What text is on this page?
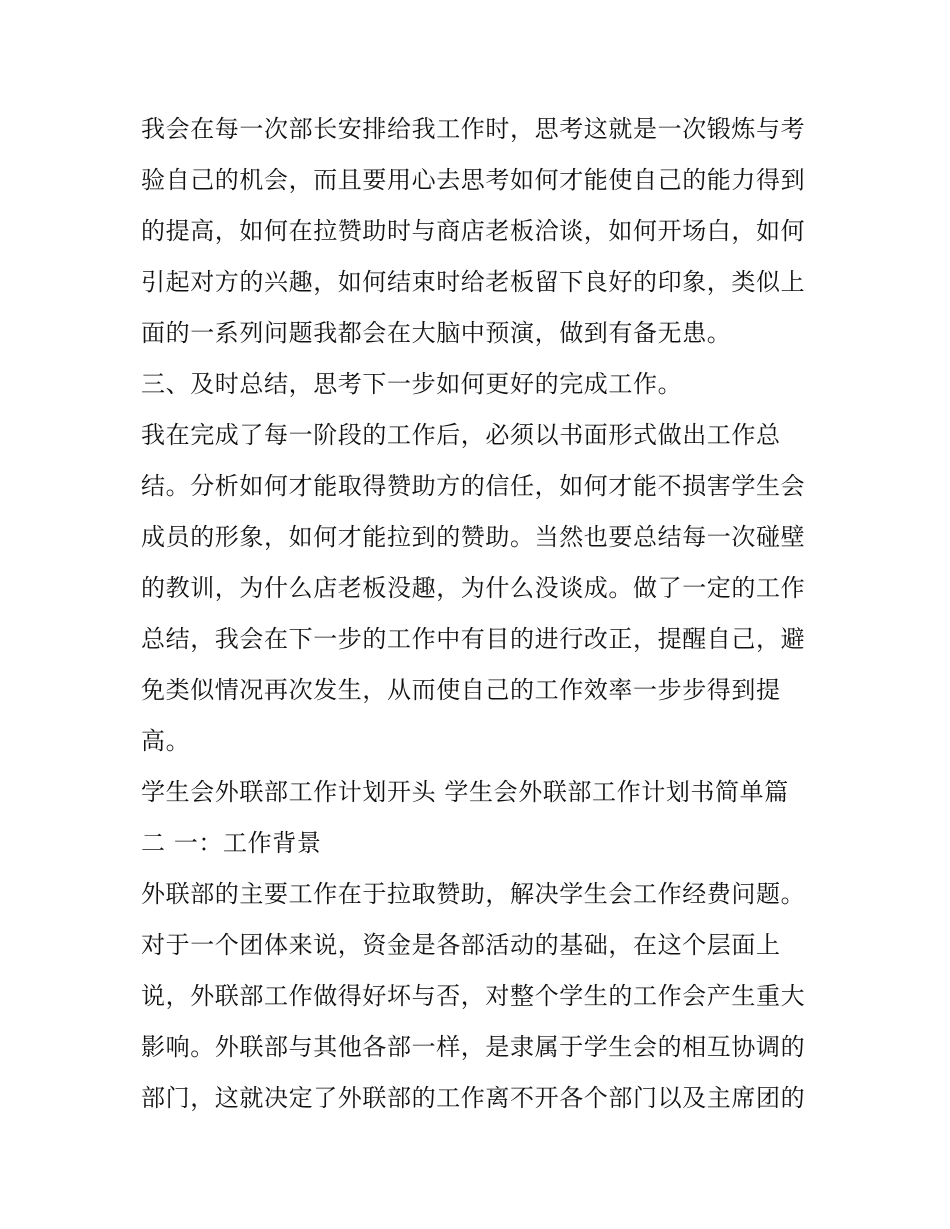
我会在每一次部长安排给我工作时，思考这就是一次锻炼与考
验自己的机会，而且要用心去思考如何才能使自己的能力得到
的提高，如何在拉赞助时与商店老板洽谈，如何开场白，如何
引起对方的兴趣，如何结束时给老板留下良好的印象，类似上
面的一系列问题我都会在大脑中预演，做到有备无患。
三、及时总结，思考下一步如何更好的完成工作。
我在完成了每一阶段的工作后，必须以书面形式做出工作总
结。分析如何才能取得赞助方的信任，如何才能不损害学生会
成员的形象，如何才能拉到的赞助。当然也要总结每一次碰壁
的教训，为什么店老板没趣，为什么没谈成。做了一定的工作
总结，我会在下一步的工作中有目的进行改正，提醒自己，避
免类似情况再次发生，从而使自己的工作效率一步步得到提
高。
学生会外联部工作计划开头 学生会外联部工作计划书简单篇
二 一：工作背景
外联部的主要工作在于拉取赞助，解决学生会工作经费问题。
对于一个团体来说，资金是各部活动的基础，在这个层面上
说，外联部工作做得好坏与否，对整个学生的工作会产生重大
影响。外联部与其他各部一样，是隶属于学生会的相互协调的
部门，这就决定了外联部的工作离不开各个部门以及主席团的
